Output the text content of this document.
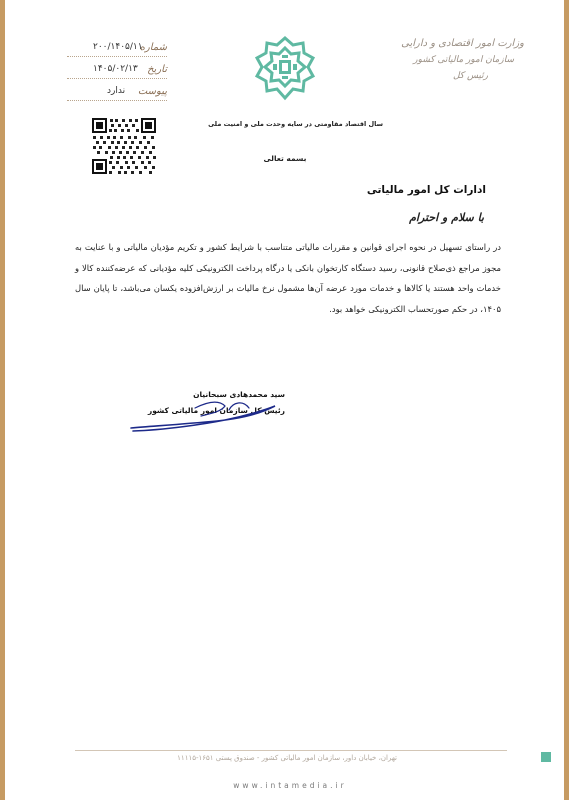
۲۰۰/۱۴۰۵/۱۱
شماره
۱۴۰۵/۰۲/۱۳ تاریخ
ندارد پیوست
وزارت امور اقتصادی و دارایی
سازمان امور مالیاتی کشور
رئیس کل
سال اقتصاد مقاومتی در سایه وحدت ملی و امنیت ملی
بسمه تعالی
ادارات کل امور مالیاتی
با سلام و احترام
در راستای تسهیل در نحوه اجرای قوانین و مقررات مالیاتی متناسب با شرایط کشور و تکریم مؤدیان مالیاتی و با عنایت به مجوز مراجع ذی‌صلاح قانونی، رسید دستگاه کارتخوان بانکی یا درگاه پرداخت الکترونیکی کلیه مؤدیانی که عرضه‌کننده کالا و خدمات واحد هستند یا کالاها و خدمات مورد عرضه آن‌ها مشمول نرخ مالیات بر ارزش‌افزوده یکسان می‌باشد، تا پایان سال ۱۴۰۵، در حکم صورتحساب الکترونیکی خواهد بود.
سید محمدهادی سبحانیان
رئیس کل سازمان امور مالیاتی کشور
تهران، خیابان داور، سازمان امور مالیاتی کشور - صندوق پستی ۱۶۵۱-۱۱۱۱۵
www.intamedia.ir
